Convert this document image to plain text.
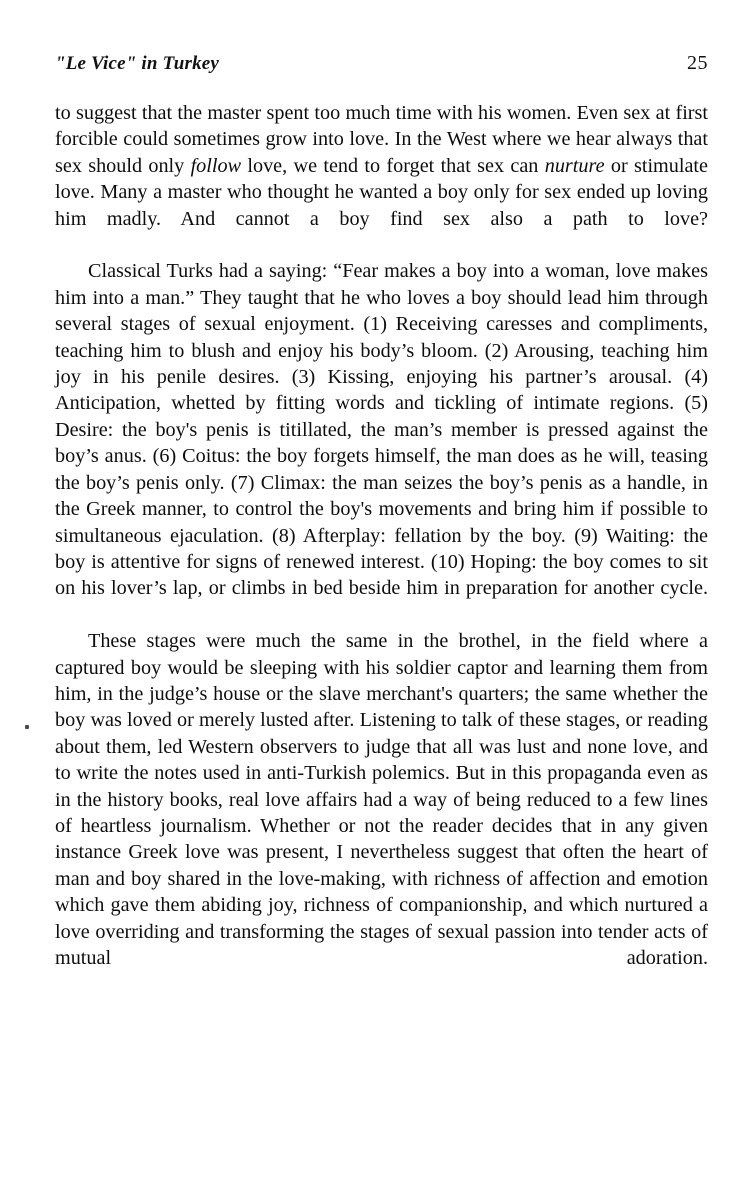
"Le Vice" in Turkey	25

to suggest that the master spent too much time with his women. Even sex at first forcible could sometimes grow into love. In the West where we hear always that sex should only follow love, we tend to forget that sex can nurture or stimulate love. Many a master who thought he wanted a boy only for sex ended up loving him madly. And cannot a boy find sex also a path to love?

Classical Turks had a saying: “Fear makes a boy into a woman, love makes him into a man.” They taught that he who loves a boy should lead him through several stages of sexual enjoyment. (1) Receiving caresses and compliments, teaching him to blush and enjoy his body’s bloom. (2) Arousing, teaching him joy in his penile desires. (3) Kissing, enjoying his partner’s arousal. (4) Anticipation, whetted by fitting words and tickling of intimate regions. (5) Desire: the boy's penis is titillated, the man’s member is pressed against the boy’s anus. (6) Coitus: the boy forgets himself, the man does as he will, teasing the boy’s penis only. (7) Climax: the man seizes the boy’s penis as a handle, in the Greek manner, to control the boy's movements and bring him if possible to simultaneous ejaculation. (8) Afterplay: fellation by the boy. (9) Waiting: the boy is attentive for signs of renewed interest. (10) Hoping: the boy comes to sit on his lover’s lap, or climbs in bed beside him in preparation for another cycle.

These stages were much the same in the brothel, in the field where a captured boy would be sleeping with his soldier captor and learning them from him, in the judge’s house or the slave merchant's quarters; the same whether the boy was loved or merely lusted after. Listening to talk of these stages, or reading about them, led Western observers to judge that all was lust and none love, and to write the notes used in anti-Turkish polemics. But in this propaganda even as in the history books, real love affairs had a way of being reduced to a few lines of heartless journalism. Whether or not the reader decides that in any given instance Greek love was present, I nevertheless suggest that often the heart of man and boy shared in the love-making, with richness of affection and emotion which gave them abiding joy, richness of companionship, and which nurtured a love overriding and transforming the stages of sexual passion into tender acts of mutual adoration.
